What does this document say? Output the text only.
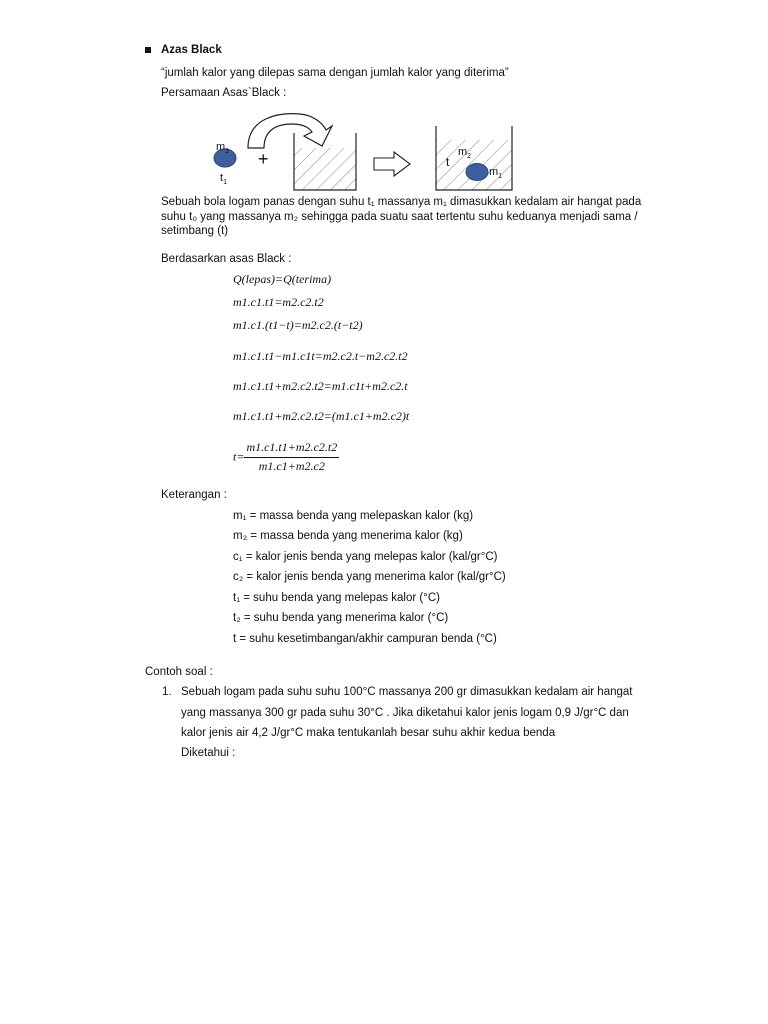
Azas Black
“jumlah kalor yang dilepas sama dengan jumlah kalor yang diterima”
Persamaan Asas`Black :
$m_1$
$t_1$
+	t
$m_2$
$m_1$
Sebuah bola logam panas dengan suhu t₁ massanya m₁ dimasukkan kedalam air hangat pada
suhu t₀ yang massanya m₂ sehingga pada suatu saat tertentu suhu keduanya menjadi sama /
setimbang (t)
Berdasarkan asas Black :
Q(lepas)=Q(terima)
m1.c1.t1=m2.c2.t2
m1.c1.(t1−t)=m2.c2.(t−t2)
m1.c1.t1−m1.c1t=m2.c2.t−m2.c2.t2
m1.c1.t1+m2.c2.t2=m1.c1t+m2.c2.t
m1.c1.t1+m2.c2.t2=(m1.c1+m2.c2)t
$t= \frac{m1.c1.t1+m2.c2.t2}{m1.c1+m2.c2}$
Keterangan :
m₁ = massa benda yang melepaskan kalor (kg)
m₂ = massa benda yang menerima kalor (kg)
c₁ = kalor jenis benda yang melepas kalor (kal/gr°C)
c₂ = kalor jenis benda yang menerima kalor (kal/gr°C)
t₁ = suhu benda yang melepas kalor (°C)
t₂ = suhu benda yang menerima kalor (°C)
t = suhu kesetimbangan/akhir campuran benda (°C)
Contoh soal :
1. Sebuah logam pada suhu suhu 100°C massanya 200 gr dimasukkan kedalam air hangat
yang massanya 300 gr pada suhu 30°C . Jika diketahui kalor jenis logam 0,9 J/gr°C dan
kalor jenis air 4,2 J/gr°C maka tentukanlah besar suhu akhir kedua benda
Diketahui :
